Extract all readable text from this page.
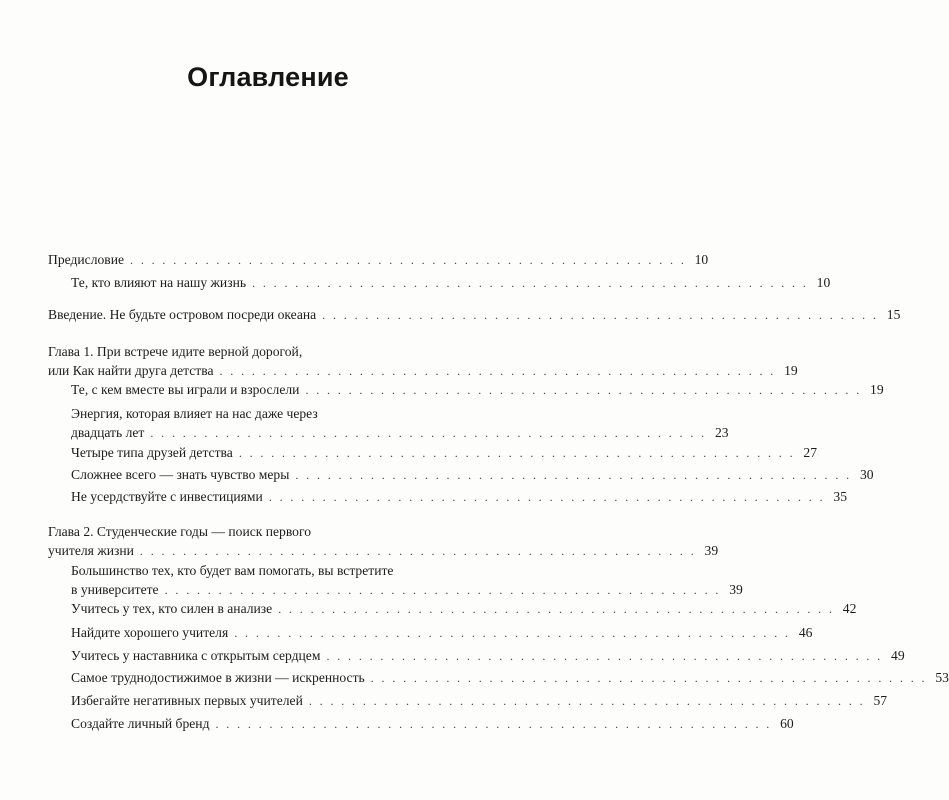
Оглавление
Предисловие . . . . . . . . . . . . . . . . . . . . . . . . . . . . . . . . . . . . . . . . . . . . . . . . . . . . 10
Те, кто влияют на нашу жизнь . . . . . . . . . . . . . . . . . . . . . . . . . . . . . . . . . . . . . . . . . . . . . . . . . . . . 10
Введение. Не будьте островом посреди океана . . . . . . . . . . . . . . . . . . . . . . . . . . . . . . . . . . . . . . . . . . . . . . . . . . . . 15
Глава 1. При встрече идите верной дорогой,
или Как найти друга детства . . . . . . . . . . . . . . . . . . . . . . . . . . . . . . . . . . . . . . . . . . . . . . . . . . . . 19
Те, с кем вместе вы играли и взрослели . . . . . . . . . . . . . . . . . . . . . . . . . . . . . . . . . . . . . . . . . . . . . . . . . . . . 19
Энергия, которая влияет на нас даже через
двадцать лет . . . . . . . . . . . . . . . . . . . . . . . . . . . . . . . . . . . . . . . . . . . . . . . . . . . . 23
Четыре типа друзей детства . . . . . . . . . . . . . . . . . . . . . . . . . . . . . . . . . . . . . . . . . . . . . . . . . . . . 27
Сложнее всего — знать чувство меры . . . . . . . . . . . . . . . . . . . . . . . . . . . . . . . . . . . . . . . . . . . . . . . . . . . . 30
Не усердствуйте с инвестициями . . . . . . . . . . . . . . . . . . . . . . . . . . . . . . . . . . . . . . . . . . . . . . . . . . . . 35
Глава 2. Студенческие годы — поиск первого
учителя жизни . . . . . . . . . . . . . . . . . . . . . . . . . . . . . . . . . . . . . . . . . . . . . . . . . . . . 39
Большинство тех, кто будет вам помогать, вы встретите
в университете . . . . . . . . . . . . . . . . . . . . . . . . . . . . . . . . . . . . . . . . . . . . . . . . . . . . 39
Учитесь у тех, кто силен в анализе . . . . . . . . . . . . . . . . . . . . . . . . . . . . . . . . . . . . . . . . . . . . . . . . . . . . 42
Найдите хорошего учителя . . . . . . . . . . . . . . . . . . . . . . . . . . . . . . . . . . . . . . . . . . . . . . . . . . . . 46
Учитесь у наставника с открытым сердцем . . . . . . . . . . . . . . . . . . . . . . . . . . . . . . . . . . . . . . . . . . . . . . . . . . . . 49
Самое труднодостижимое в жизни — искренность . . . . . . . . . . . . . . . . . . . . . . . . . . . . . . . . . . . . . . . . . . . . . . . . . . . . 53
Избегайте негативных первых учителей . . . . . . . . . . . . . . . . . . . . . . . . . . . . . . . . . . . . . . . . . . . . . . . . . . . . 57
Создайте личный бренд . . . . . . . . . . . . . . . . . . . . . . . . . . . . . . . . . . . . . . . . . . . . . . . . . . . . 60
